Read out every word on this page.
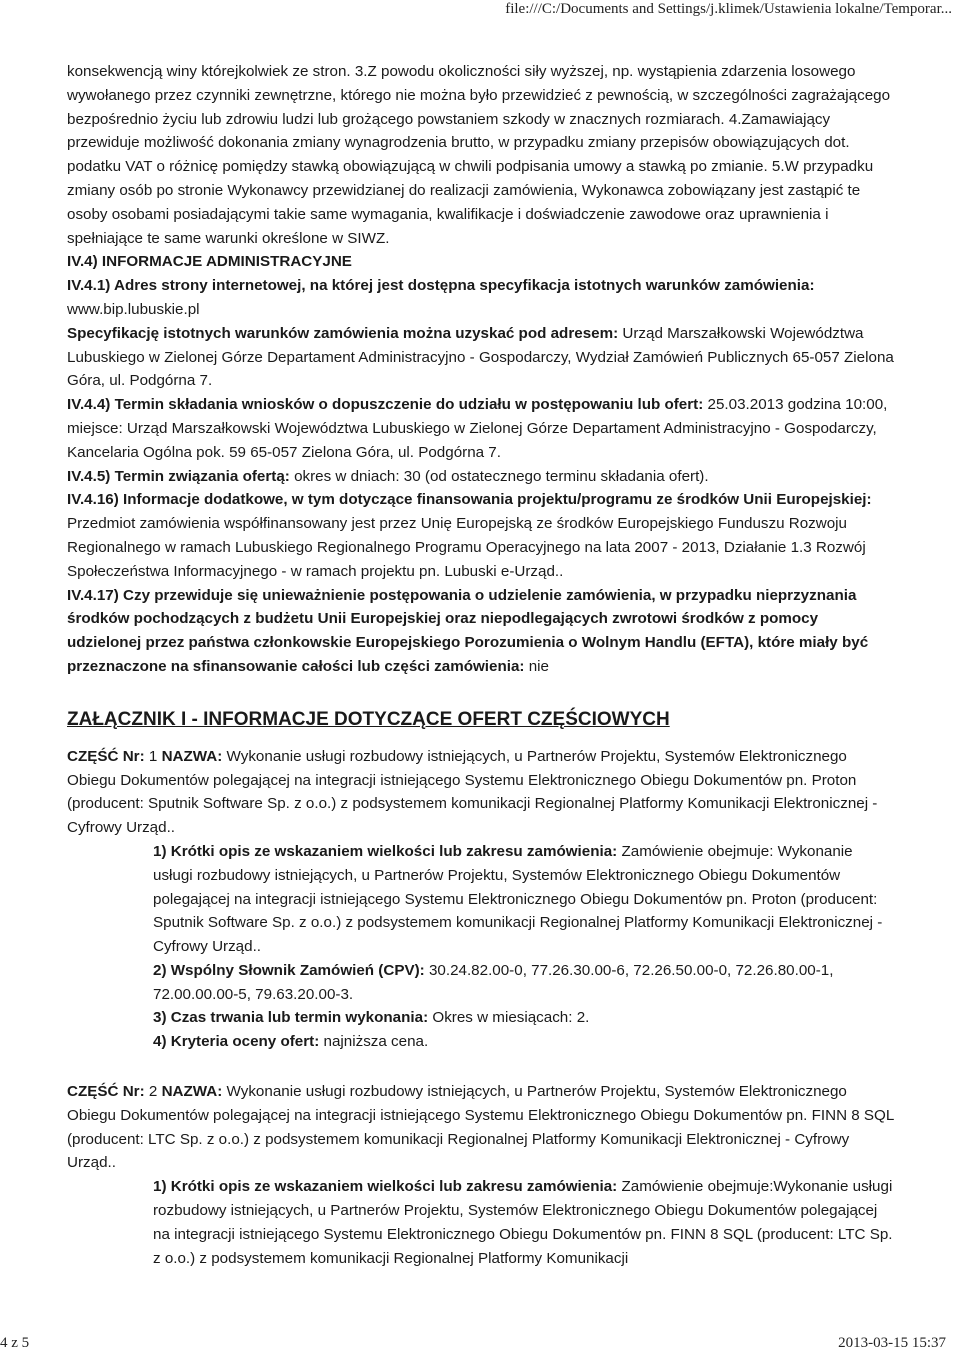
file:///C:/Documents and Settings/j.klimek/Ustawienia lokalne/Temporar...

konsekwencją winy którejkolwiek ze stron. 3.Z powodu okoliczności siły wyższej, np. wystąpienia zdarzenia losowego wywołanego przez czynniki zewnętrzne, którego nie można było przewidzieć z pewnością, w szczególności zagrażającego bezpośrednio życiu lub zdrowiu ludzi lub grożącego powstaniem szkody w znacznych rozmiarach. 4.Zamawiający przewiduje możliwość dokonania zmiany wynagrodzenia brutto, w przypadku zmiany przepisów obowiązujących dot. podatku VAT o różnicę pomiędzy stawką obowiązującą w chwili podpisania umowy a stawką po zmianie. 5.W przypadku zmiany osób po stronie Wykonawcy przewidzianej do realizacji zamówienia, Wykonawca zobowiązany jest zastąpić te osoby osobami posiadającymi takie same wymagania, kwalifikacje i doświadczenie zawodowe oraz uprawnienia i spełniające te same warunki określone w SIWZ.

IV.4) INFORMACJE ADMINISTRACYJNE

IV.4.1) Adres strony internetowej, na której jest dostępna specyfikacja istotnych warunków zamówienia: www.bip.lubuskie.pl

Specyfikację istotnych warunków zamówienia można uzyskać pod adresem: Urząd Marszałkowski Województwa Lubuskiego w Zielonej Górze Departament Administracyjno - Gospodarczy, Wydział Zamówień Publicznych 65-057 Zielona Góra, ul. Podgórna 7.

IV.4.4) Termin składania wniosków o dopuszczenie do udziału w postępowaniu lub ofert: 25.03.2013 godzina 10:00, miejsce: Urząd Marszałkowski Województwa Lubuskiego w Zielonej Górze Departament Administracyjno - Gospodarczy, Kancelaria Ogólna pok. 59 65-057 Zielona Góra, ul. Podgórna 7.

IV.4.5) Termin związania ofertą: okres w dniach: 30 (od ostatecznego terminu składania ofert).

IV.4.16) Informacje dodatkowe, w tym dotyczące finansowania projektu/programu ze środków Unii Europejskiej: Przedmiot zamówienia współfinansowany jest przez Unię Europejską ze środków Europejskiego Funduszu Rozwoju Regionalnego w ramach Lubuskiego Regionalnego Programu Operacyjnego na lata 2007 - 2013, Działanie 1.3 Rozwój Społeczeństwa Informacyjnego - w ramach projektu pn. Lubuski e-Urząd..

IV.4.17) Czy przewiduje się unieważnienie postępowania o udzielenie zamówienia, w przypadku nieprzyznania środków pochodzących z budżetu Unii Europejskiej oraz niepodlegających zwrotowi środków z pomocy udzielonej przez państwa członkowskie Europejskiego Porozumienia o Wolnym Handlu (EFTA), które miały być przeznaczone na sfinansowanie całości lub części zamówienia: nie

ZAŁĄCZNIK I - INFORMACJE DOTYCZĄCE OFERT CZĘŚCIOWYCH

CZĘŚĆ Nr: 1 NAZWA: Wykonanie usługi rozbudowy istniejących, u Partnerów Projektu, Systemów Elektronicznego Obiegu Dokumentów polegającej na integracji istniejącego Systemu Elektronicznego Obiegu Dokumentów pn. Proton (producent: Sputnik Software Sp. z o.o.) z podsystemem komunikacji Regionalnej Platformy Komunikacji Elektronicznej - Cyfrowy Urząd..

1) Krótki opis ze wskazaniem wielkości lub zakresu zamówienia: Zamówienie obejmuje: Wykonanie usługi rozbudowy istniejących, u Partnerów Projektu, Systemów Elektronicznego Obiegu Dokumentów polegającej na integracji istniejącego Systemu Elektronicznego Obiegu Dokumentów pn. Proton (producent: Sputnik Software Sp. z o.o.) z podsystemem komunikacji Regionalnej Platformy Komunikacji Elektronicznej - Cyfrowy Urząd..

2) Wspólny Słownik Zamówień (CPV): 30.24.82.00-0, 77.26.30.00-6, 72.26.50.00-0, 72.26.80.00-1, 72.00.00.00-5, 79.63.20.00-3.

3) Czas trwania lub termin wykonania: Okres w miesiącach: 2.

4) Kryteria oceny ofert: najniższa cena.

CZĘŚĆ Nr: 2 NAZWA: Wykonanie usługi rozbudowy istniejących, u Partnerów Projektu, Systemów Elektronicznego Obiegu Dokumentów polegającej na integracji istniejącego Systemu Elektronicznego Obiegu Dokumentów pn. FINN 8 SQL (producent: LTC Sp. z o.o.) z podsystemem komunikacji Regionalnej Platformy Komunikacji Elektronicznej - Cyfrowy Urząd..

1) Krótki opis ze wskazaniem wielkości lub zakresu zamówienia: Zamówienie obejmuje:Wykonanie usługi rozbudowy istniejących, u Partnerów Projektu, Systemów Elektronicznego Obiegu Dokumentów polegającej na integracji istniejącego Systemu Elektronicznego Obiegu Dokumentów pn. FINN 8 SQL (producent: LTC Sp. z o.o.) z podsystemem komunikacji Regionalnej Platformy Komunikacji

4 z 5	2013-03-15 15:37
